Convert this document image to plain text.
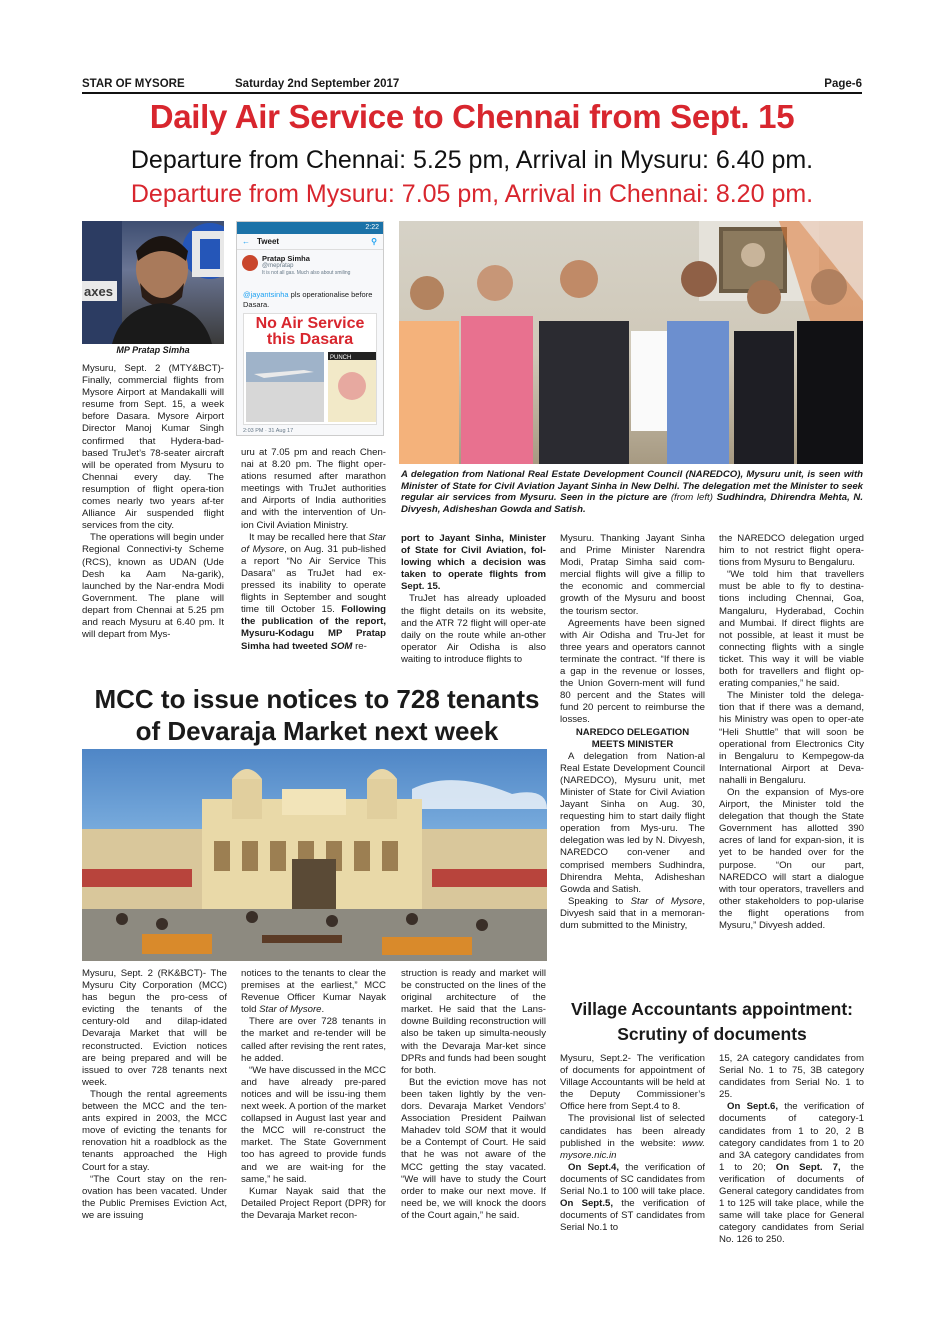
STAR OF MYSORE	Saturday 2nd September 2017	Page-6
Daily Air Service to Chennai from Sept. 15
Departure from Chennai: 5.25 pm, Arrival in Mysuru: 6.40 pm.
Departure from Mysuru: 7.05 pm, Arrival in Chennai: 8.20 pm.
axes
MP Pratap Simha
2:22
← Tweet	⚲
Pratap Simha
@mepratap
It is not all gas. Much also about smiling
@jayantsinha pls operationalise before Dasara.
No Air Service this Dasara
PUNCH
2:03 PM · 31 Aug 17
A delegation from National Real Estate Development Council (NAREDCO), Mysuru unit, is seen with Minister of State for Civil Aviation Jayant Sinha in New Delhi. The delegation met the Minister to seek regular air services from Mysuru. Seen in the picture are (from left) Sudhindra, Dhirendra Mehta, N. Divyesh, Adisheshan Gowda and Satish.

Mysuru, Sept. 2 (MTY&BCT)- Finally, commercial flights from Mysore Airport at Mandakalli will resume from Sept. 15, a week before Dasara. Mysore Airport Director Manoj Kumar Singh confirmed that Hydera-bad-based TruJet’s 78-seater aircraft will be operated from Mysuru to Chennai every day. The resumption of flight opera-tion comes nearly two years af-ter Alliance Air suspended flight services from the city.

The operations will begin under Regional Connectivi-ty Scheme (RCS), known as UDAN (Ude Desh ka Aam Na-garik), launched by the Nar-endra Modi Government. The plane will depart from Chennai at 5.25 pm and reach Mysuru at 6.40 pm. It will depart from Mys-

uru at 7.05 pm and reach Chen-nai at 8.20 pm. The flight oper-ations resumed after marathon meetings with TruJet authorities and Airports of India authorities and with the intervention of Un-ion Civil Aviation Ministry.

It may be recalled here that Star of Mysore, on Aug. 31 pub-lished a report “No Air Service This Dasara” as TruJet had ex-pressed its inability to operate flights in September and sought time till October 15. Following the publication of the report, Mysuru-Kodagu MP Pratap Simha had tweeted SOM re-

port to Jayant Sinha, Minister of State for Civil Aviation, fol-lowing which a decision was taken to operate flights from Sept. 15.

TruJet has already uploaded the flight details on its website, and the ATR 72 flight will oper-ate daily on the route while an-other operator Air Odisha is also waiting to introduce flights to

Mysuru. Thanking Jayant Sinha and Prime Minister Narendra Modi, Pratap Simha said com-mercial flights will give a fillip to the economic and commercial growth of the Mysuru and boost the tourism sector.

Agreements have been signed with Air Odisha and Tru-Jet for three years and operators cannot terminate the contract. “If there is a gap in the revenue or losses, the Union Govern-ment will fund 80 percent and the States will fund 20 percent to reimburse the losses.

NAREDCO DELEGATION MEETS MINISTER

A delegation from Nation-al Real Estate Development Council (NAREDCO), Mysuru unit, met Minister of State for Civil Aviation Jayant Sinha on Aug. 30, requesting him to start daily flight operation from Mys-uru. The delegation was led by N. Divyesh, NAREDCO con-vener and comprised members Sudhindra, Dhirendra Mehta, Adisheshan Gowda and Satish.

Speaking to Star of Mysore, Divyesh said that in a memoran-dum submitted to the Ministry,

the NAREDCO delegation urged him to not restrict flight opera-tions from Mysuru to Bengaluru.

“We told him that travellers must be able to fly to destina-tions including Chennai, Goa, Mangaluru, Hyderabad, Cochin and Mumbai. If direct flights are not possible, at least it must be connecting flights with a single ticket. This way it will be viable both for travellers and flight op-erating companies,” he said.

The Minister told the delega-tion that if there was a demand, his Ministry was open to oper-ate “Heli Shuttle” that will soon be operational from Electronics City in Bengaluru to Kempegow-da International Airport at Deva-nahalli in Bengaluru.

On the expansion of Mys-ore Airport, the Minister told the delegation that though the State Government has allotted 390 acres of land for expan-sion, it is yet to be handed over for the purpose. “On our part, NAREDCO will start a dialogue with tour operators, travellers and other stakeholders to pop-ularise the flight operations from Mysuru,” Divyesh added.

MCC to issue notices to 728 tenants
of Devaraja Market next week

Mysuru, Sept. 2 (RK&BCT)- The Mysuru City Corporation (MCC) has begun the pro-cess of evicting the tenants of the century-old and dilap-idated Devaraja Market that will be reconstructed. Eviction notices are being prepared and will be issued to over 728 tenants next week.

Though the rental agreements between the MCC and the ten-ants expired in 2003, the MCC move of evicting the tenants for renovation hit a roadblock as the tenants approached the High Court for a stay.

“The Court stay on the ren-ovation has been vacated. Under the Public Premises Eviction Act, we are issuing

notices to the tenants to clear the premises at the earliest,” MCC Revenue Officer Kumar Nayak told Star of Mysore.

There are over 728 tenants in the market and re-tender will be called after revising the rent rates, he added.

“We have discussed in the MCC and have already pre-pared notices and will be issu-ing them next week. A portion of the market collapsed in August last year and the MCC will re-construct the market. The State Government too has agreed to provide funds and we are wait-ing for the same,” he said.

Kumar Nayak said that the Detailed Project Report (DPR) for the Devaraja Market recon-

struction is ready and market will be constructed on the lines of the original architecture of the market. He said that the Lans-downe Building reconstruction will also be taken up simulta-neously with the Devaraja Mar-ket since DPRs and funds had been sought for both.

But the eviction move has not been taken lightly by the ven-dors. Devaraja Market Vendors’ Association President Pailwan Mahadev told SOM that it would be a Contempt of Court. He said that he was not aware of the MCC getting the stay vacated. “We will have to study the Court order to make our next move. If need be, we will knock the doors of the Court again,” he said.

Village Accountants appointment:
Scrutiny of documents

Mysuru, Sept.2- The verification of documents for appointment of Village Accountants will be held at the Deputy Commissioner’s Office here from Sept.4 to 8.

The provisional list of selected candidates has been already published in the website: www. mysore.nic.in

On Sept.4, the verification of documents of SC candidates from Serial No.1 to 100 will take place. On Sept.5, the verification of documents of ST candidates from Serial No.1 to

15, 2A category candidates from Serial No. 1 to 75, 3B category candidates from Serial No. 1 to 25.

On Sept.6, the verification of documents of category-1 candidates from 1 to 20, 2 B category candidates from 1 to 20 and 3A category candidates from 1 to 20; On Sept. 7, the verification of documents of General category candidates from 1 to 125 will take place, while the same will take place for General category candidates from Serial No. 126 to 250.
